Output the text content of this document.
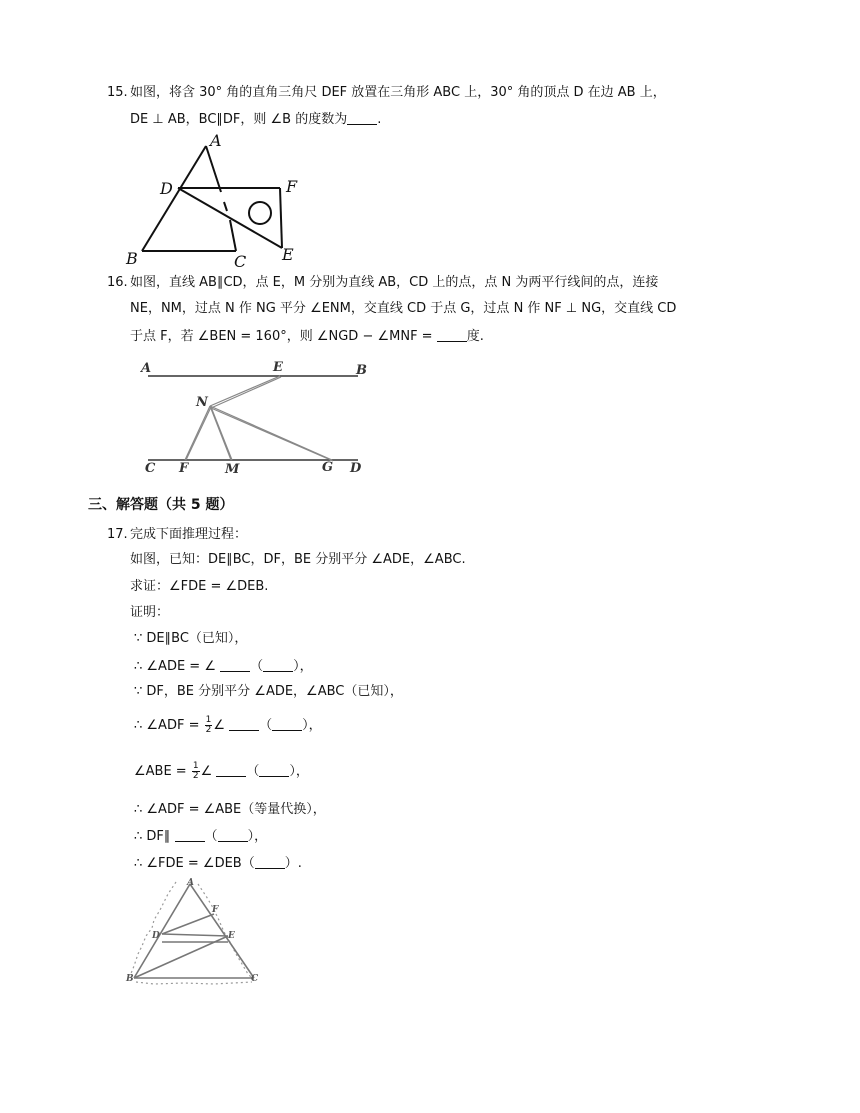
15. 如图，将含 30° 角的直角三角尺 DEF 放置在三角形 ABC 上，30° 角的顶点 D 在边 AB 上，
DE ⊥ AB，BC∥DF，则 ∠B 的度数为 .
A
D	F
B	C E
16. 如图，直线 AB∥CD，点 E，M 分别为直线 AB，CD 上的点，点 N 为两平行线间的点，连接
NE，NM，过点 N 作 NG 平分 ∠ENM，交直线 CD 于点 G，过点 N 作 NF ⊥ NG，交直线 CD
于点 F，若 ∠BEN = 160°，则 ∠NGD − ∠MNF =	度.
A	E	B
N
C F	M	G D
三、解答题（共 5 题）
17. 完成下面推理过程：
如图，已知：DE∥BC，DF，BE 分别平分 ∠ADE，∠ABC.
求证：∠FDE = ∠DEB.
证明：
∵ DE∥BC（已知），
∴ ∠ADE = ∠	（ ），
∵ DF，BE 分别平分 ∠ADE，∠ABC（已知），
∴ ∠ADF = $\frac{1}{2}$ ∠	（ ），
∠ABE = $\frac{1}{2}$ ∠	（ ），
∴ ∠ADF = ∠ABE（等量代换），
∴ DF∥	（ ），
∴ ∠FDE = ∠DEB（ ）.
A
F
D	E
B	C
